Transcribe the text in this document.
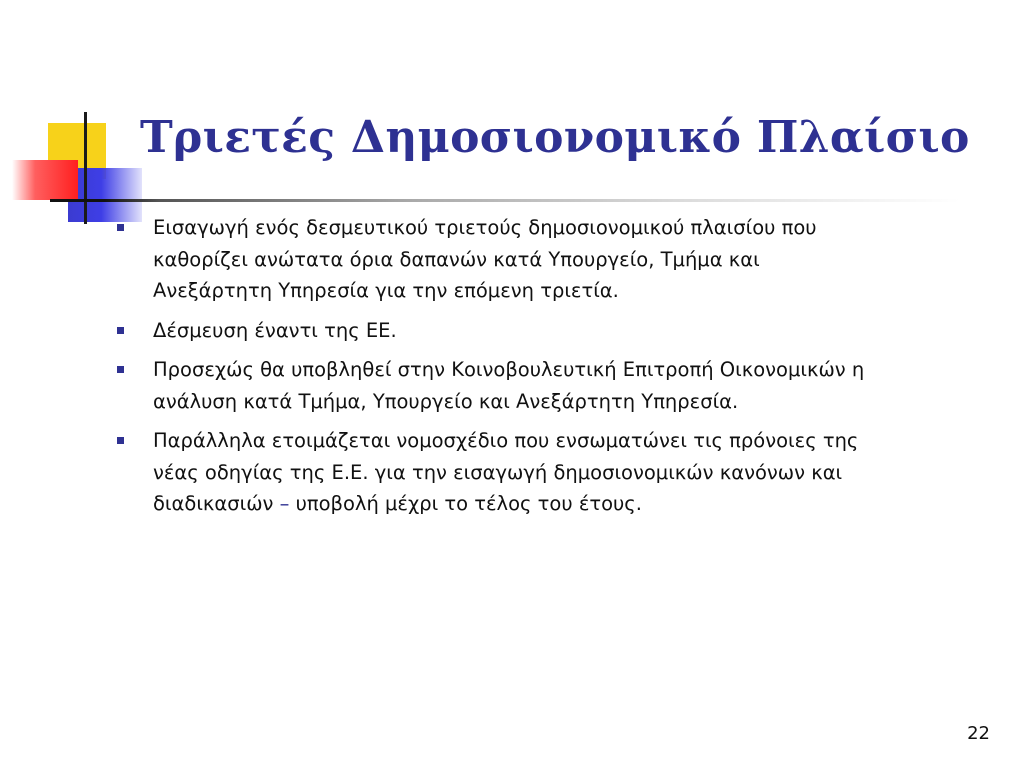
Τριετές Δημοσιονομικό Πλαίσιο
Εισαγωγή ενός δεσμευτικού τριετούς δημοσιονομικού πλαισίου που καθορίζει ανώτατα όρια δαπανών κατά Υπουργείο, Τμήμα και Ανεξάρτητη Υπηρεσία για την επόμενη τριετία.
Δέσμευση έναντι της ΕΕ.
Προσεχώς θα υποβληθεί στην Κοινοβουλευτική Επιτροπή Οικονομικών η ανάλυση κατά Τμήμα, Υπουργείο και Ανεξάρτητη Υπηρεσία.
Παράλληλα ετοιμάζεται νομοσχέδιο που ενσωματώνει τις πρόνοιες της νέας οδηγίας της Ε.Ε. για την εισαγωγή δημοσιονομικών κανόνων και διαδικασιών – υποβολή μέχρι το τέλος του έτους.
22
